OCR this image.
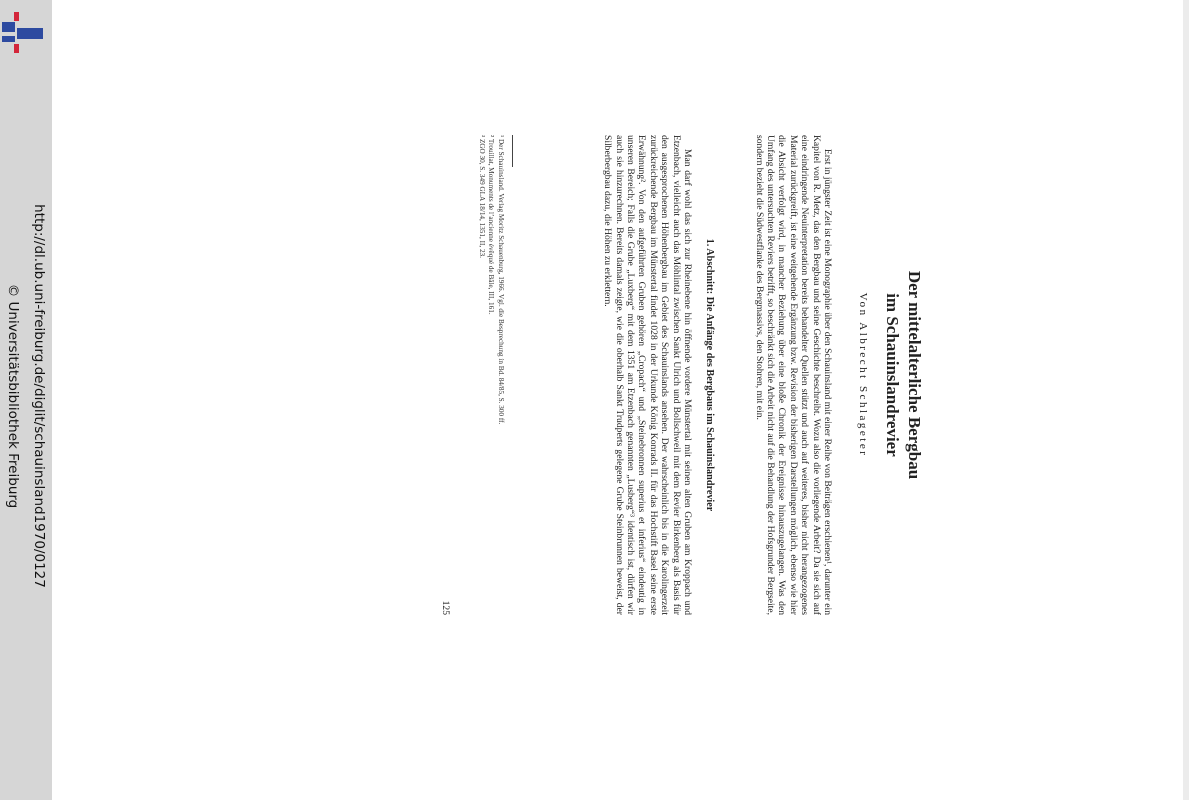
http://dl.ub.uni-freiburg.de/diglit/schauinsland1970/0127
© Universitätsbibliothek Freiburg	Der mittelalterliche Bergbau
im Schauinslandrevier
Von Albrecht Schlageter

Erst in jüngster Zeit ist eine Monographie über den Schauinsland mit einer Reihe von Beiträgen erschienen¹, darunter ein Kapitel von R. Metz, das den Bergbau und seine Geschichte beschreibt. Wozu also die vorliegende Arbeit? Da sie sich auf eine eindringende Neuinterpretation bereits behandelter Quellen stützt und auch auf weiteres, bisher nicht herangezogenes Material zurückgreift, ist eine weitgehende Ergänzung bzw. Revision der bisherigen Darstellungen möglich, ebenso wie hier die Absicht verfolgt wird, in mancher Beziehung über eine bloße Chronik der Ereignisse hinauszugelangen. Was den Umfang des untersuchten Reviers betrifft, so beschränkt sich die Arbeit nicht auf die Behandlung der Hofsgrunder Bergseite, sondern bezieht die Südwestflanke des Bergmassivs, den Stohren, mit ein.

1. Abschnitt: Die Anfänge des Bergbaus im Schauinslandrevier

Man darf wohl das sich zur Rheinebene hin öffnende vordere Münstertal mit seinen alten Gruben am Kroppach und Etzenbach, vielleicht auch das Möhlintal zwischen Sankt Ulrich und Bollschweil mit dem Revier Birkenberg als Basis für den ausgesprochenen Höhenbergbau im Gebiet des Schauinslands ansehen. Der wahrscheinlich bis in die Karolingerzeit zurückreichende Bergbau im Münstertal findet 1028 in der Urkunde König Konrads II. für das Hochstift Basel seine erste Erwähnung². Von den aufgeführten Gruben gehören „Cropach“ und „Steinebronnen superius et inferius“ eindeutig in unseren Bereich; Falls die Grube „Luxberg“ mit dem 1351 am Etzenbach genannten „Lusberg“³ identisch ist, dürfen wir auch sie hinzurechnen. Bereits damals zeigte, wie die oberhalb Sankt Trudperts gelegene Grube Steinbrunnen beweist, der Silberbergbau dazu, die Höhen zu erklettern.

¹ Der Schauinsland. Verlag Moritz Schauenburg, 1966. Vgl. die Besprechung in Bd. 84/85, S. 300 ff.
² Trouillat, Monuments de l’ancienne évêqué de Bâle, III, 161.
³ ZGO 30, S. 349 GLA 18/14, 1351, II, 23.
125
